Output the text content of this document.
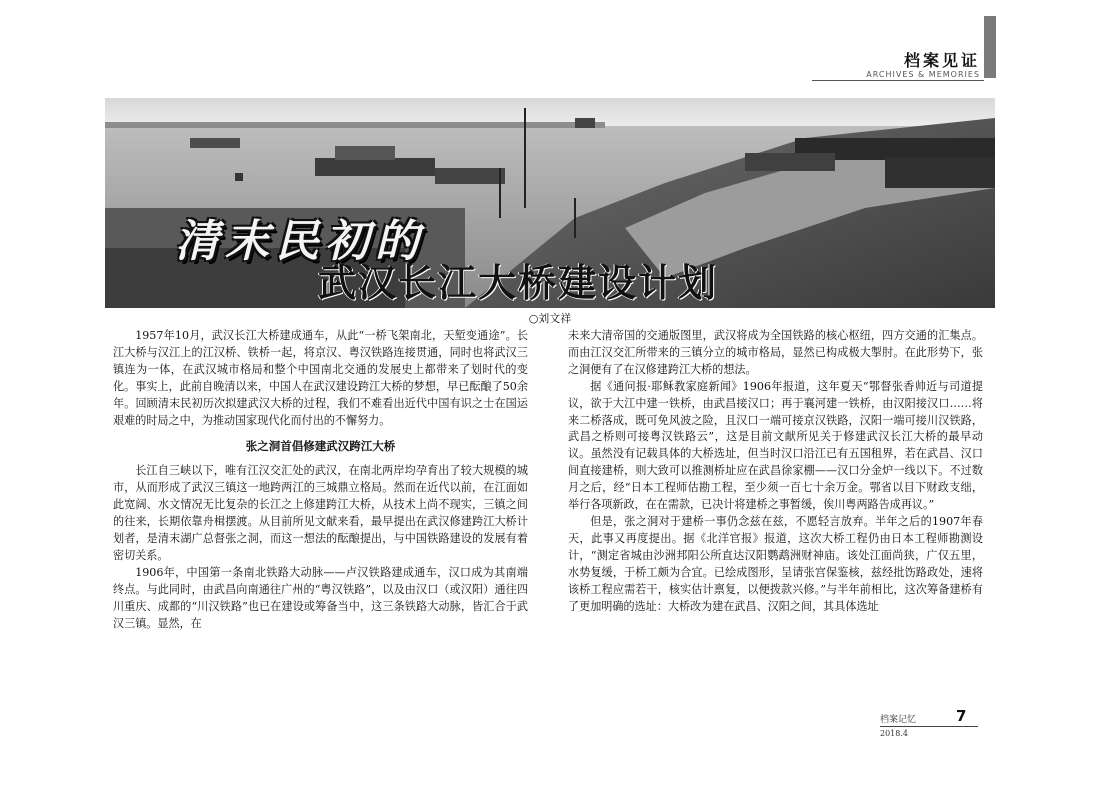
档案见证
ARCHIVES & MEMORIES
清末民初的
武汉长江大桥建设计划
○刘文祥

1957年10月，武汉长江大桥建成通车，从此“一桥飞架南北，天堑变通途”。长江大桥与汉江上的江汉桥、铁桥一起，将京汉、粤汉铁路连接贯通，同时也将武汉三镇连为一体，在武汉城市格局和整个中国南北交通的发展史上都带来了划时代的变化。事实上，此前自晚清以来，中国人在武汉建设跨江大桥的梦想，早已酝酿了50余年。回顾清末民初历次拟建武汉大桥的过程，我们不难看出近代中国有识之士在国运艰难的时局之中，为推动国家现代化而付出的不懈努力。

张之洞首倡修建武汉跨江大桥

长江自三峡以下，唯有江汉交汇处的武汉，在南北两岸均孕育出了较大规模的城市，从而形成了武汉三镇这一地跨两江的三城鼎立格局。然而在近代以前，在江面如此宽阔、水文情况无比复杂的长江之上修建跨江大桥，从技术上尚不现实，三镇之间的往来，长期依靠舟楫摆渡。从目前所见文献来看，最早提出在武汉修建跨江大桥计划者，是清末湖广总督张之洞，而这一想法的酝酿提出，与中国铁路建设的发展有着密切关系。

1906年，中国第一条南北铁路大动脉——卢汉铁路建成通车，汉口成为其南端终点。与此同时，由武昌向南通往广州的“粤汉铁路”，以及由汉口（或汉阳）通往四川重庆、成都的“川汉铁路”也已在建设或筹备当中，这三条铁路大动脉，皆汇合于武汉三镇。显然，在

未来大清帝国的交通版图里，武汉将成为全国铁路的核心枢纽，四方交通的汇集点。而由江汉交汇所带来的三镇分立的城市格局，显然已构成极大掣肘。在此形势下，张之洞便有了在汉修建跨江大桥的想法。

据《通问报·耶稣教家庭新闻》1906年报道，这年夏天“鄂督张香帅近与司道提议，欲于大江中建一铁桥，由武昌接汉口；再于襄河建一铁桥，由汉阳接汉口……将来二桥落成，既可免风波之险，且汉口一端可接京汉铁路，汉阳一端可接川汉铁路，武昌之桥则可接粤汉铁路云”，这是目前文献所见关于修建武汉长江大桥的最早动议。虽然没有记载具体的大桥选址，但当时汉口沿江已有五国租界，若在武昌、汉口间直接建桥，则大致可以推测桥址应在武昌徐家棚——汉口分金炉一线以下。不过数月之后，经“日本工程师估勘工程，至少须一百七十余万金。鄂省以目下财政支绌，举行各项新政，在在需款，已决计将建桥之事暂缓，俟川粤两路告成再议。”

但是，张之洞对于建桥一事仍念兹在兹，不愿轻言放弃。半年之后的1907年春天，此事又再度提出。据《北洋官报》报道，这次大桥工程仍由日本工程师勘测设计，“测定省城由沙洲邦阳公所直达汉阳鹦鹉洲财神庙。该处江面尚狭，广仅五里，水势复缓，于桥工颇为合宜。已绘成图形，呈请张宫保鉴核，兹经批饬路政处，速将该桥工程应需若干，核实估计禀复，以便拨款兴修。”与半年前相比，这次筹备建桥有了更加明确的选址：大桥改为建在武昌、汉阳之间，其具体选址

档案记忆	7
2018.4
